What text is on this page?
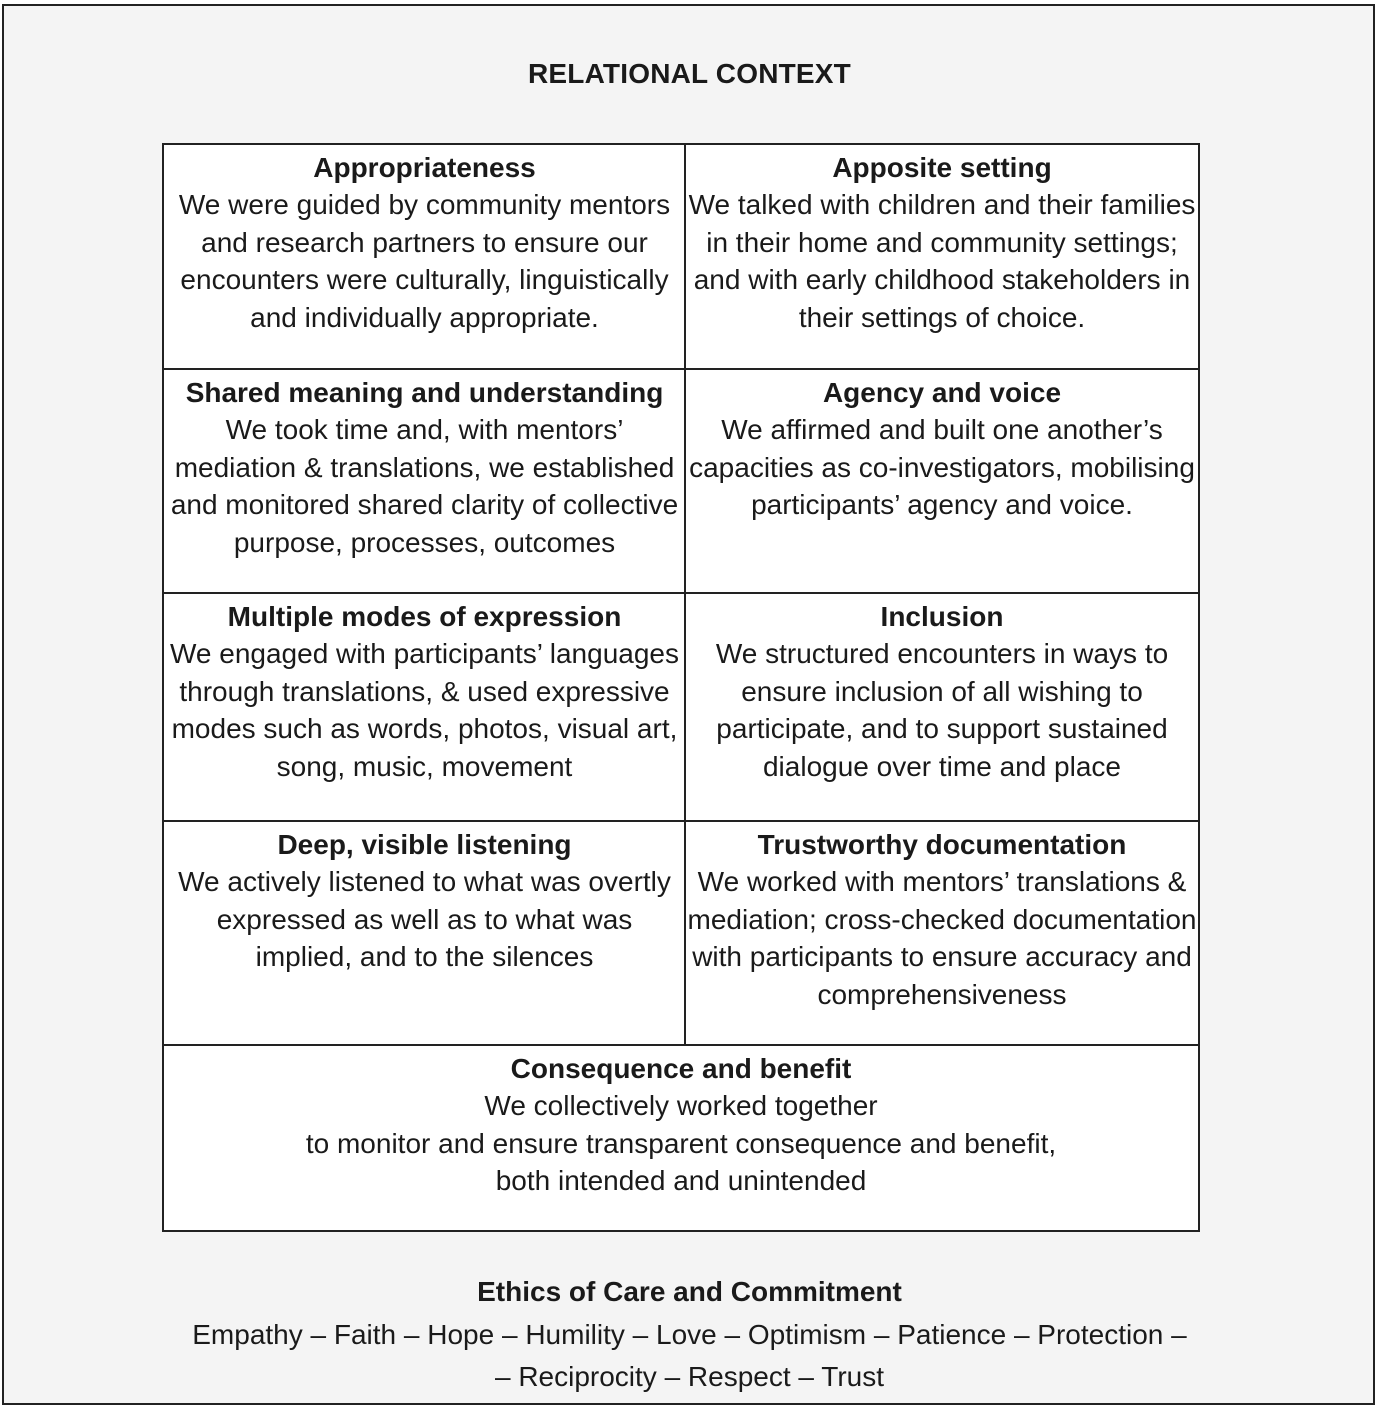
RELATIONAL CONTEXT
Appropriateness
We were guided by community mentors
and research partners to ensure our
encounters were culturally, linguistically
and individually appropriate.
Apposite setting
We talked with children and their families
in their home and community settings;
and with early childhood stakeholders in
their settings of choice.
Shared meaning and understanding
We took time and, with mentors’
mediation & translations, we established
and monitored shared clarity of collective
purpose, processes, outcomes
Agency and voice
We affirmed and built one another’s
capacities as co-investigators, mobilising
participants’ agency and voice.
Multiple modes of expression
We engaged with participants’ languages
through translations, & used expressive
modes such as words, photos, visual art,
song, music, movement
Inclusion
We structured encounters in ways to
ensure inclusion of all wishing to
participate, and to support sustained
dialogue over time and place
Deep, visible listening
We actively listened to what was overtly
expressed as well as to what was
implied, and to the silences
Trustworthy documentation
We worked with mentors’ translations &
mediation; cross-checked documentation
with participants to ensure accuracy and
comprehensiveness
Consequence and benefit
We collectively worked together
to monitor and ensure transparent consequence and benefit,
both intended and unintended
Ethics of Care and Commitment
Empathy – Faith – Hope – Humility – Love – Optimism – Patience – Protection –
– Reciprocity – Respect – Trust
